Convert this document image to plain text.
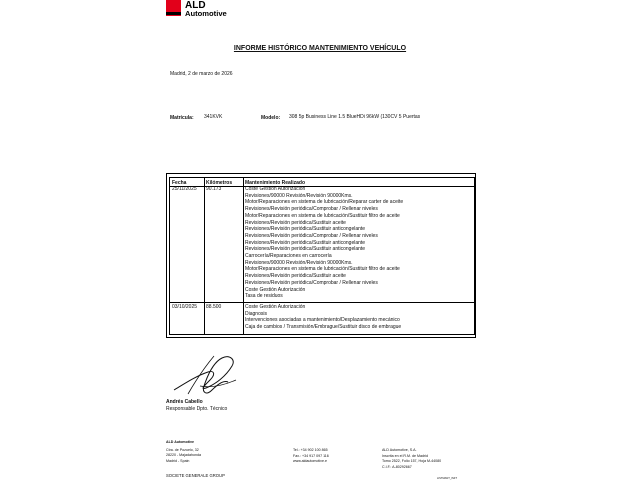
ALD
Automotive
INFORME HISTÓRICO MANTENIMIENTO VEHÍCULO
Madrid, 2 de marzo de 2026
Matrícula: 341KVK	Modelo: 308 5p Business Line 1.5 BlueHDi 96kW (130CV 5 Puertas
Fecha	Kilómetros	Mantenimiento Realizado
25/11/2025 90.173	Coste Gestión Autorización
Revisiones/90000 Revisión/Revisión 90000Kms.
Motor/Reparaciones en sistema de lubricación/Reparar carter de aceite
Revisiones/Revisión periódica/Comprobar / Rellenar niveles
Motor/Reparaciones en sistema de lubricación/Sustituir filtro de aceite
Revisiones/Revisión periódica/Sustituir aceite
Revisiones/Revisión periódica/Sustituir anticongelante
Revisiones/Revisión periódica/Comprobar / Rellenar niveles
Revisiones/Revisión periódica/Sustituir anticongelante
Revisiones/Revisión periódica/Sustituir anticongelante
Carrocería/Reparaciones en carrocería
Revisiones/90000 Revisión/Revisión 90000Kms.
Motor/Reparaciones en sistema de lubricación/Sustituir filtro de aceite
Revisiones/Revisión periódica/Sustituir aceite
Revisiones/Revisión periódica/Comprobar / Rellenar niveles
Coste Gestión Autorización
Tasa de residuos
03/10/2025 88.500	Coste Gestión Autorización
Diagnosis
Intervenciones asociadas a mantenimiento/Desplazamiento mecánico
Caja de cambios / Transmisión/Embrague/Sustituir disco de embrague
Andrés Cabello
Responsable Dpto. Técnico
ALD Automotive
Ctra. de Pozuelo, 32
28220 - Majadahonda
Madrid - Spain
Tel.: +34 902 100 865
Fax.: +34 917 097 116
www.aldautomotive.e
ALD Automotive, S.A.
Inscrita en el R.M. de Madrid
Tomo 2522, Folio 157, Hoja M-44080
C.I.F.: A-80292667
SOCIETE GENERALE GROUP
LISTMANT_INFT
